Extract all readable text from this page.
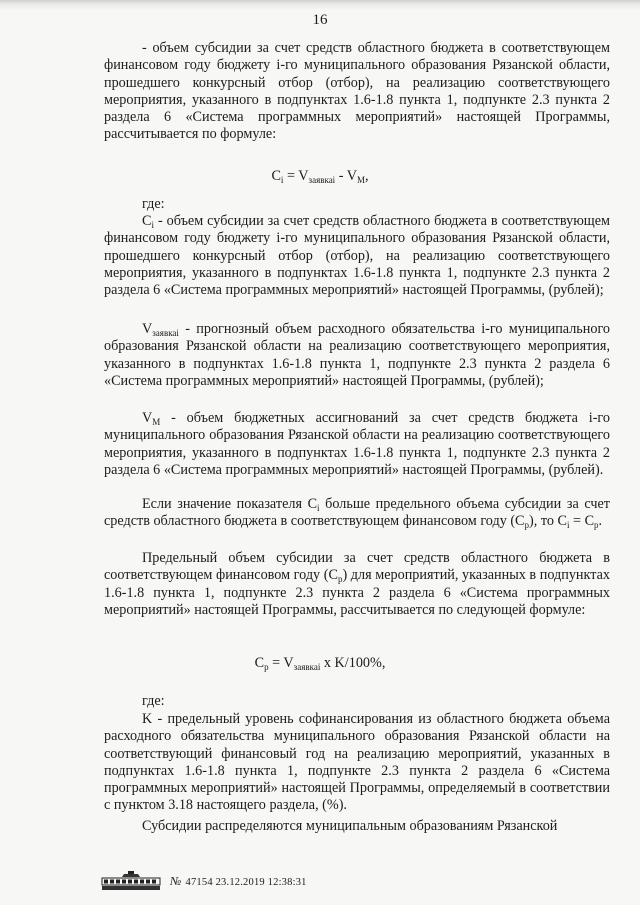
16
- объем субсидии за счет средств областного бюджета в соответствующем финансовом году бюджету i-го муниципального образования Рязанской области, прошедшего конкурсный отбор (отбор), на реализацию соответствующего мероприятия, указанного в подпунктах 1.6-1.8 пункта 1, подпункте 2.3 пункта 2 раздела 6 «Система программных мероприятий» настоящей Программы, рассчитывается по формуле:
$C_i = V_{заявкаi} - V_М$,
где:
$C_i$ - объем субсидии за счет средств областного бюджета в соответствующем финансовом году бюджету i-го муниципального образования Рязанской области, прошедшего конкурсный отбор (отбор), на реализацию соответствующего мероприятия, указанного в подпунктах 1.6-1.8 пункта 1, подпункте 2.3 пункта 2 раздела 6 «Система программных мероприятий» настоящей Программы, (рублей);
$V_{заявкаi}$ - прогнозный объем расходного обязательства i-го муниципального образования Рязанской области на реализацию соответствующего мероприятия, указанного в подпунктах 1.6-1.8 пункта 1, подпункте 2.3 пункта 2 раздела 6 «Система программных мероприятий» настоящей Программы, (рублей);
$V_М$ - объем бюджетных ассигнований за счет средств бюджета i-го муниципального образования Рязанской области на реализацию соответствующего мероприятия, указанного в подпунктах 1.6-1.8 пункта 1, подпункте 2.3 пункта 2 раздела 6 «Система программных мероприятий» настоящей Программы, (рублей).
Если значение показателя $C_i$ больше предельного объема субсидии за счет средств областного бюджета в соответствующем финансовом году $(C_p)$, то $C_i = C_p$.
Предельный объем субсидии за счет средств областного бюджета в соответствующем финансовом году $(C_p)$ для мероприятий, указанных в подпунктах 1.6-1.8 пункта 1, подпункте 2.3 пункта 2 раздела 6 «Система программных мероприятий» настоящей Программы, рассчитывается по следующей формуле:
$C_p = V_{заявкаi}$ x K/100%,
где:
K - предельный уровень софинансирования из областного бюджета объема расходного обязательства муниципального образования Рязанской области на соответствующий финансовый год на реализацию мероприятий, указанных в подпунктах 1.6-1.8 пункта 1, подпункте 2.3 пункта 2 раздела 6 «Система программных мероприятий» настоящей Программы, определяемый в соответствии с пунктом 3.18 настоящего раздела, (%).
Субсидии распределяются муниципальным образованиям Рязанской
№ 47154 23.12.2019 12:38:31
